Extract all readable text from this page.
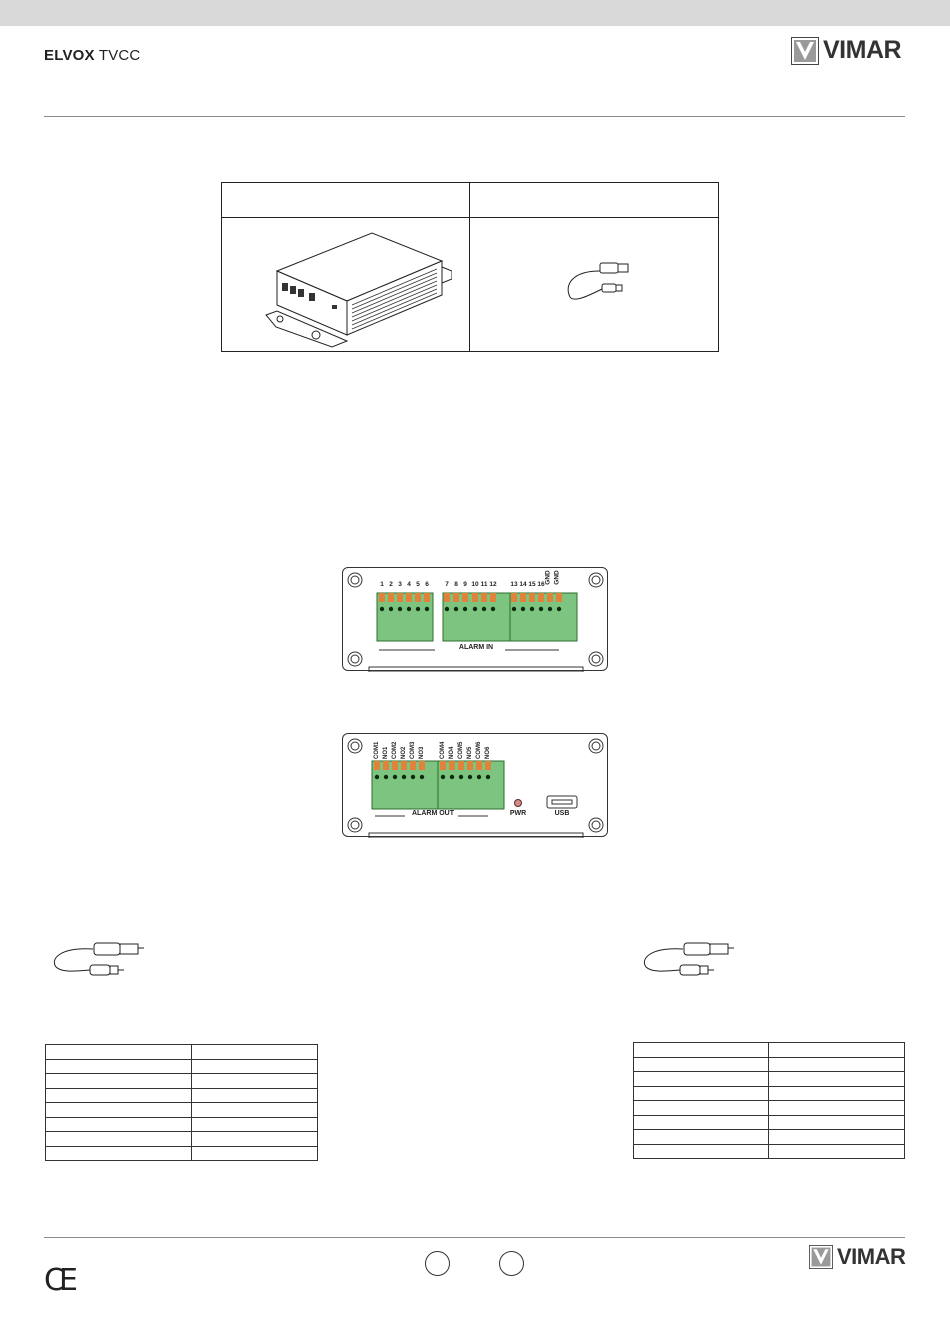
ELVOX TVCC	VIMAR
1 2 3 4 5 6	7 8 9 10 11 12 13 14 15 16 GND GND
ALARM IN
COM1 NO1 COM2 NO2 COM3 NO3	COM4 NO4 COM5 NO5 COM6 NO6
ALARM OUT	PWR	USB

CE
VIMAR
